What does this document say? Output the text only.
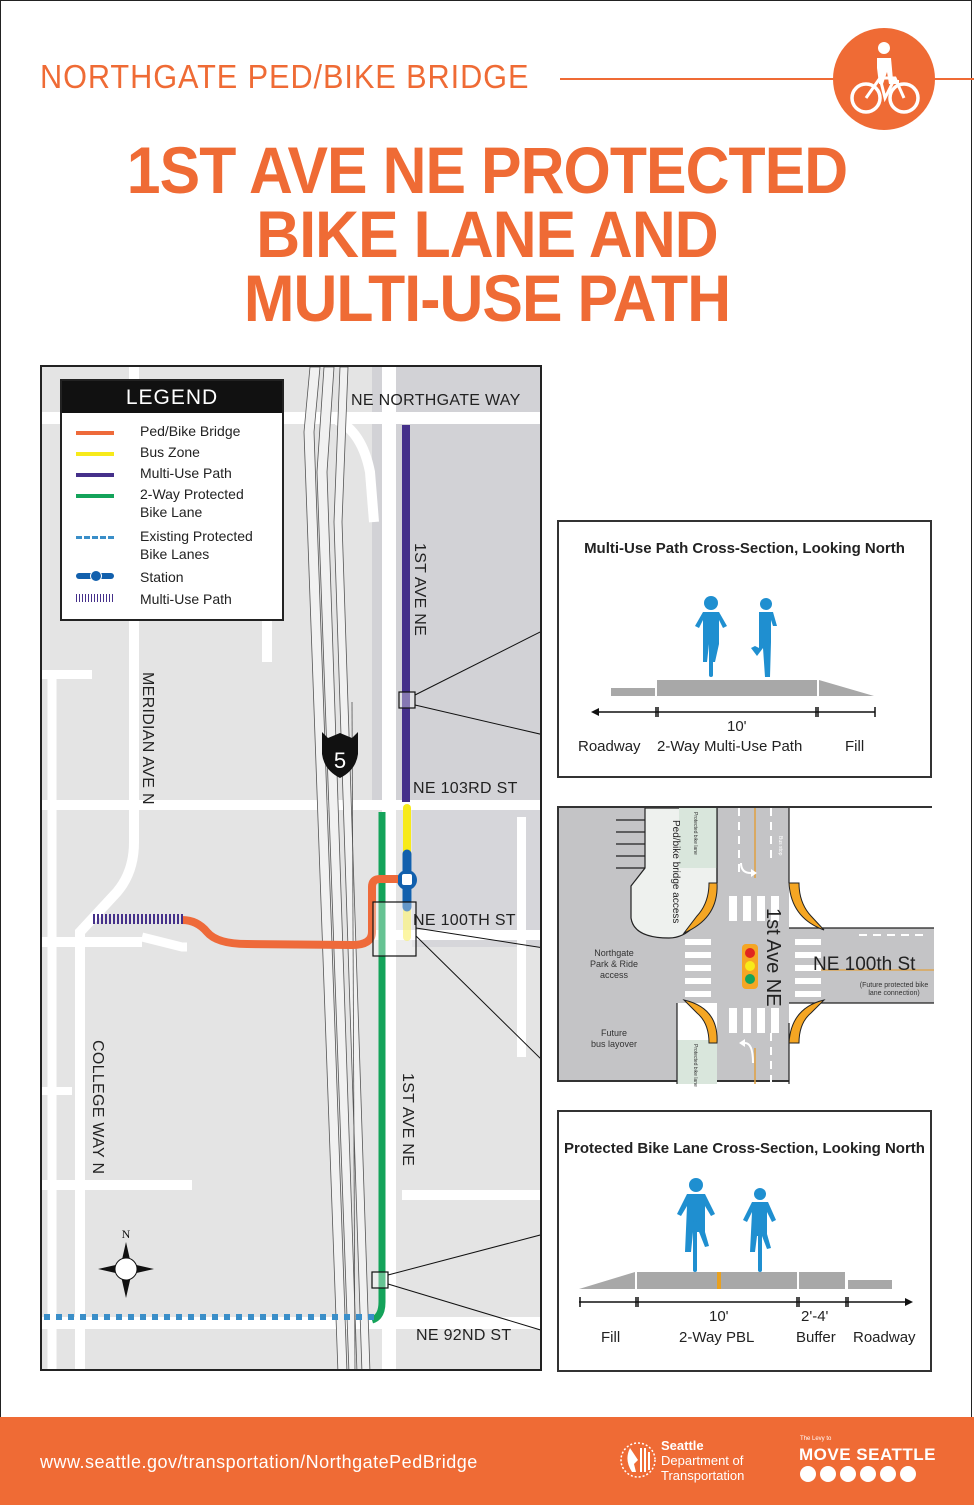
NORTHGATE PED/BIKE BRIDGE
1ST AVE NE PROTECTED
BIKE LANE AND
MULTI-USE PATH
5
N
NE NORTHGATE WAY
1ST AVE NE
NE 103RD ST
NE 100TH ST
MERIDIAN AVE N
COLLEGE WAY N	1ST AVE NE
NE 92ND ST
LEGEND
Ped/Bike Bridge
Bus Zone
Multi-Use Path
2-Way Protected
Bike Lane
Existing Protected
Bike Lanes
Station
Multi-Use Path
Multi-Use Path Cross-Section, Looking North
10'
Roadway 2-Way Multi-Use Path	Fill
1st Ave NE NE 100th St
(Future protected bike lane connection)
Ped/bike bridge access
Northgate
Park & Ride
access
Future
bus layover
Protected bike lane
Protected bike lane
Bus stop
Protected Bike Lane Cross-Section, Looking North
10'	2'-4'
Fill	2-Way PBL	Buffer Roadway
www.seattle.gov/transportation/NorthgatePedBridge
Seattle
Department of
Transportation
The Levy to
MOVE SEATTLE
